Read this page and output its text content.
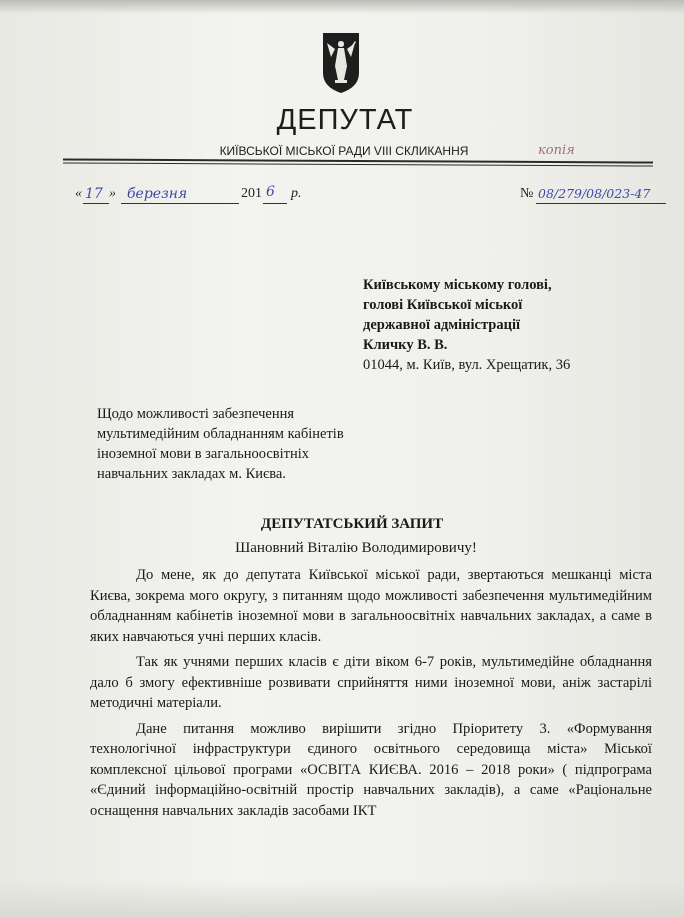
ДЕПУТАТ
КИЇВСЬКОЇ МІСЬКОЇ РАДИ VIII СКЛИКАННЯ	копія
« 17 » березня	201 6 р.	№ 08/279/08/023-47
Київському міському голові,
голові Київської міської
державної адміністрації
Кличку В. В.
01044, м. Київ, вул. Хрещатик, 36
Щодо можливості забезпечення
мультимедійним обладнанням кабінетів
іноземної мови в загальноосвітніх
навчальних закладах м. Києва.
ДЕПУТАТСЬКИЙ ЗАПИТ
Шановний Віталію Володимировичу!

До мене, як до депутата Київської міської ради, звертаються мешканці міста Києва, зокрема мого округу, з питанням щодо можливості забезпечення мультимедійним обладнанням кабінетів іноземної мови в загальноосвітніх навчальних закладах, а саме в яких навчаються учні перших класів.

Так як учнями перших класів є діти віком 6-7 років, мультимедійне обладнання дало б змогу ефективніше розвивати сприйняття ними іноземної мови, аніж застарілі методичні матеріали.

Дане питання можливо вирішити згідно Пріоритету 3. «Формування технологічної інфраструктури єдиного освітнього середовища міста» Міської комплексної цільової програми «ОСВІТА КИЄВА. 2016 – 2018 роки» ( підпрограма «Єдиний інформаційно-освітній простір навчальних закладів), а саме «Раціональне оснащення навчальних закладів засобами ІКТ
